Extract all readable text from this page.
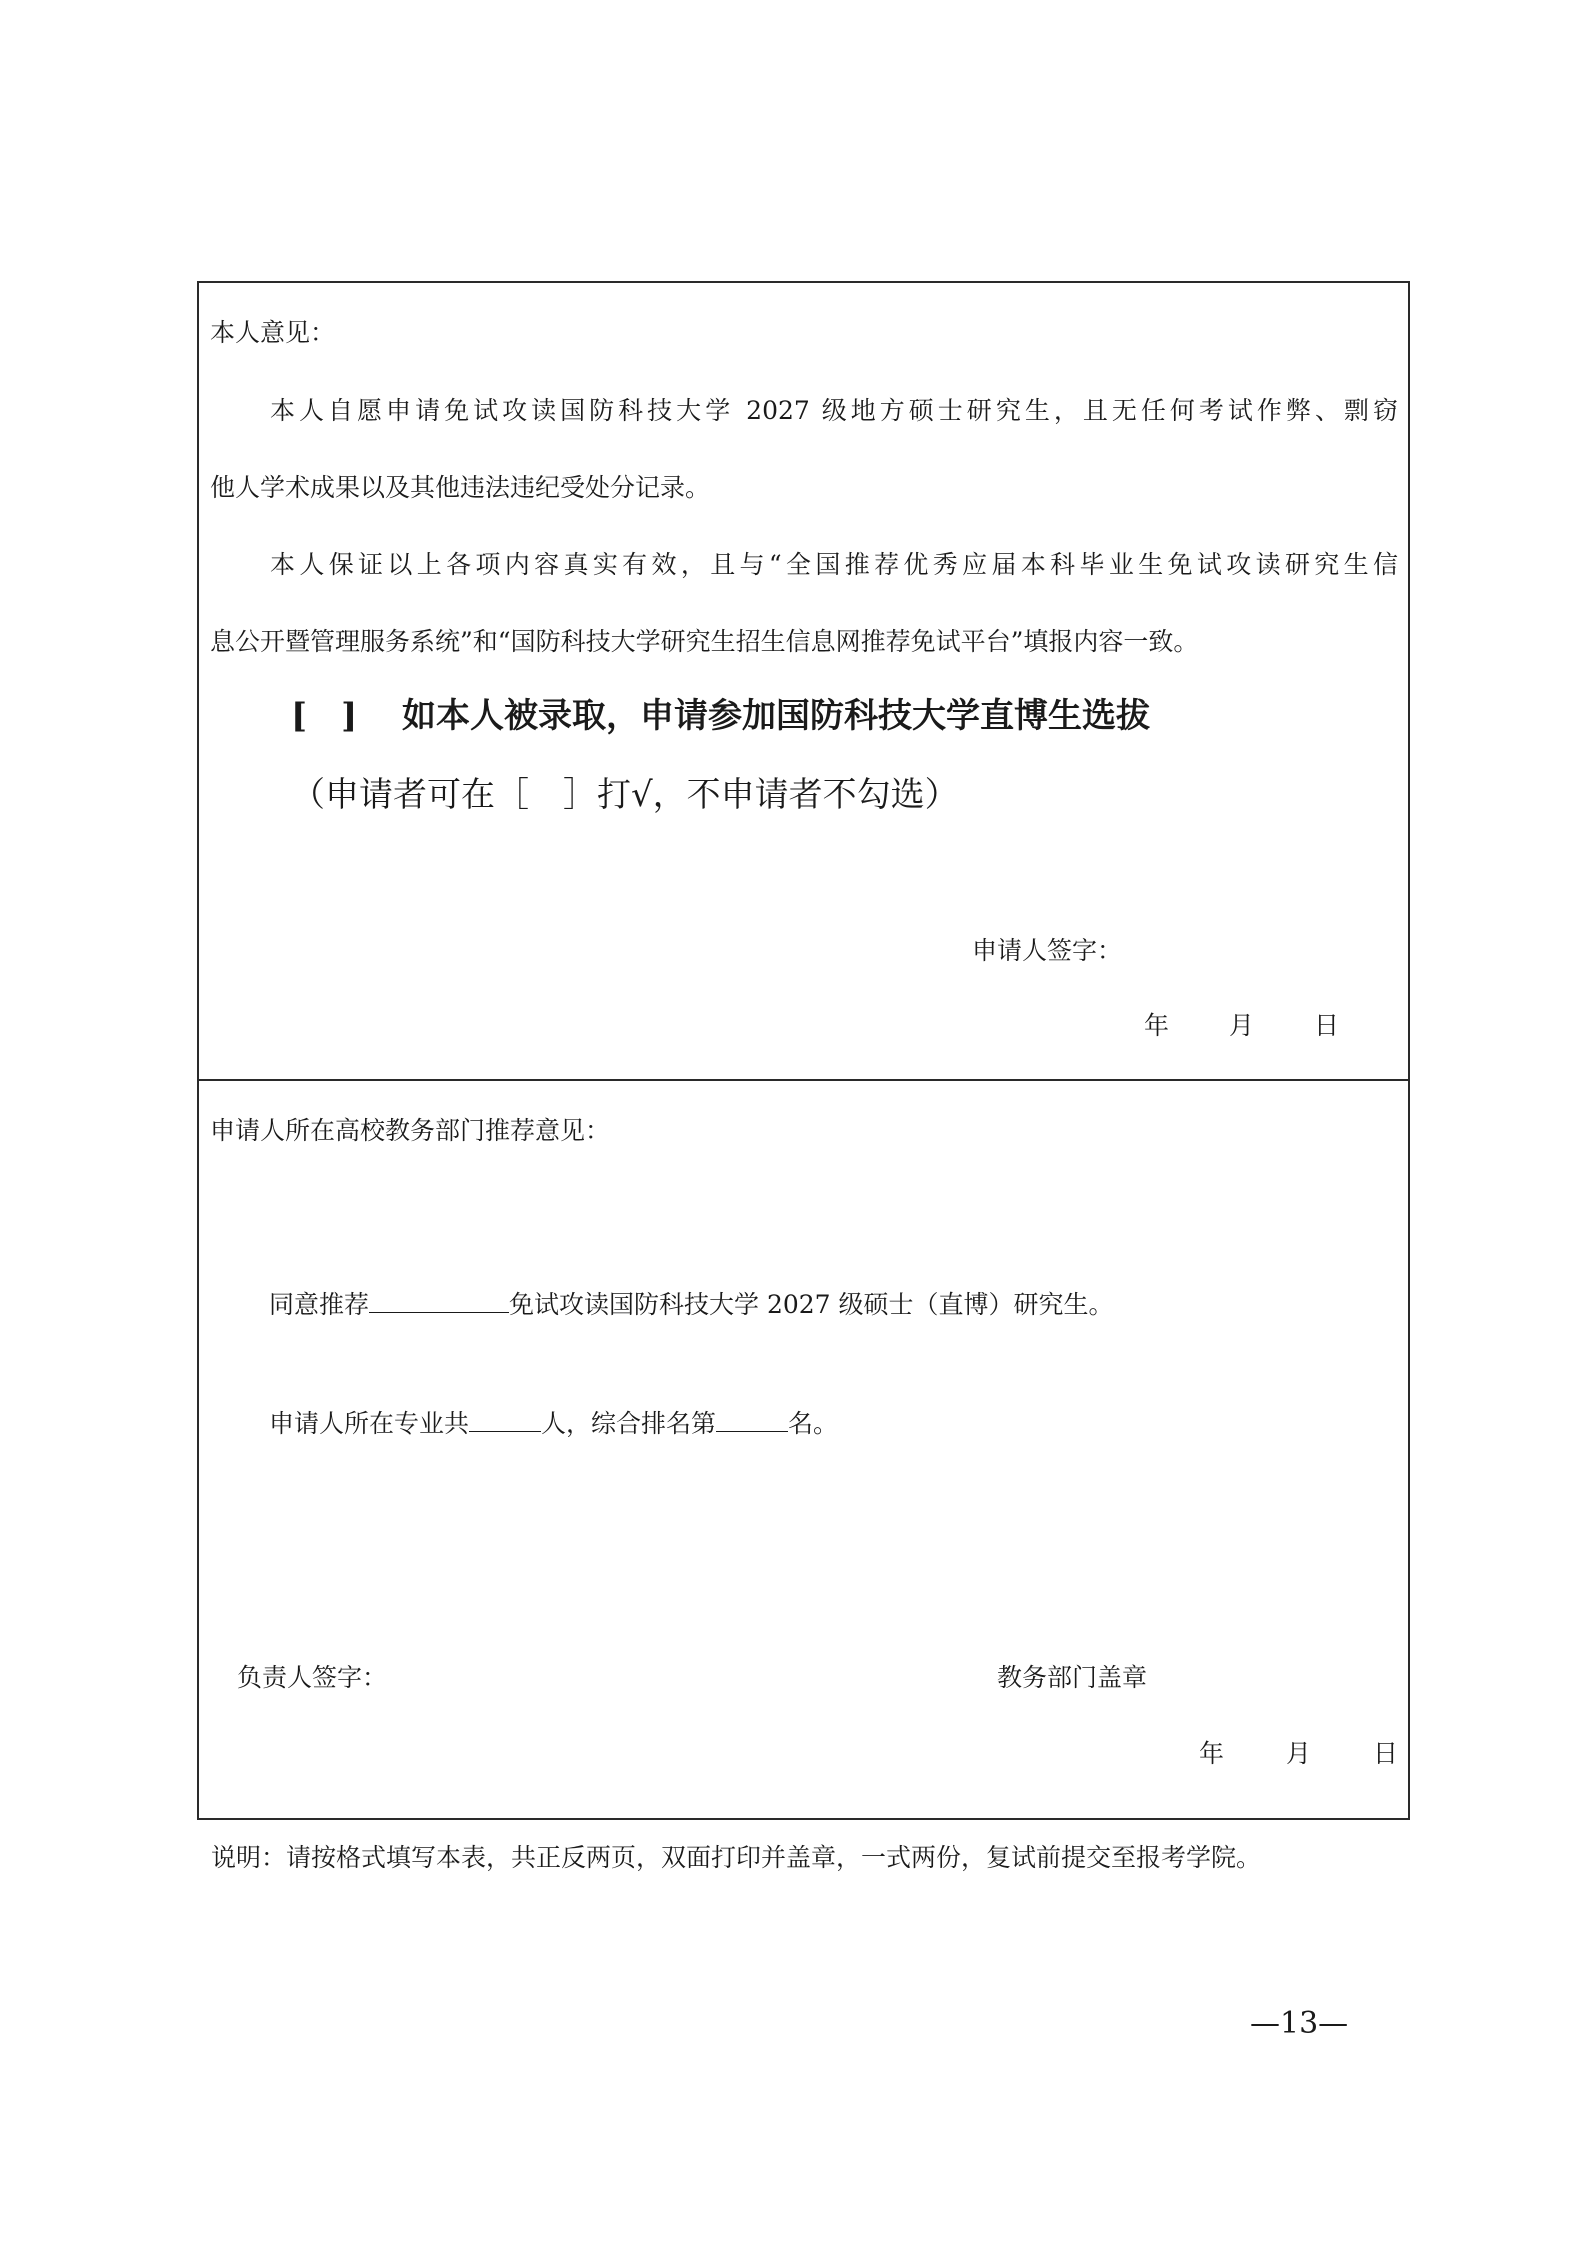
本人意见：
本人自愿申请免试攻读国防科技大学 2027 级地方硕士研究生，且无任何考试作弊、剽窃
他人学术成果以及其他违法违纪受处分记录。
本人保证以上各项内容真实有效，且与“全国推荐优秀应届本科毕业生免试攻读研究生信
息公开暨管理服务系统”和“国防科技大学研究生招生信息网推荐免试平台”填报内容一致。
[　] 如本人被录取，申请参加国防科技大学直博生选拔
（申请者可在［　］打√，不申请者不勾选）
申请人签字：
年 月 日
申请人所在高校教务部门推荐意见：
同意推荐	免试攻读国防科技大学 2027 级硕士（直博）研究生。
申请人所在专业共	人，综合排名第	名。
负责人签字：	教务部门盖章
年 月 日
说明：请按格式填写本表，共正反两页，双面打印并盖章，一式两份，复试前提交至报考学院。
—13—
